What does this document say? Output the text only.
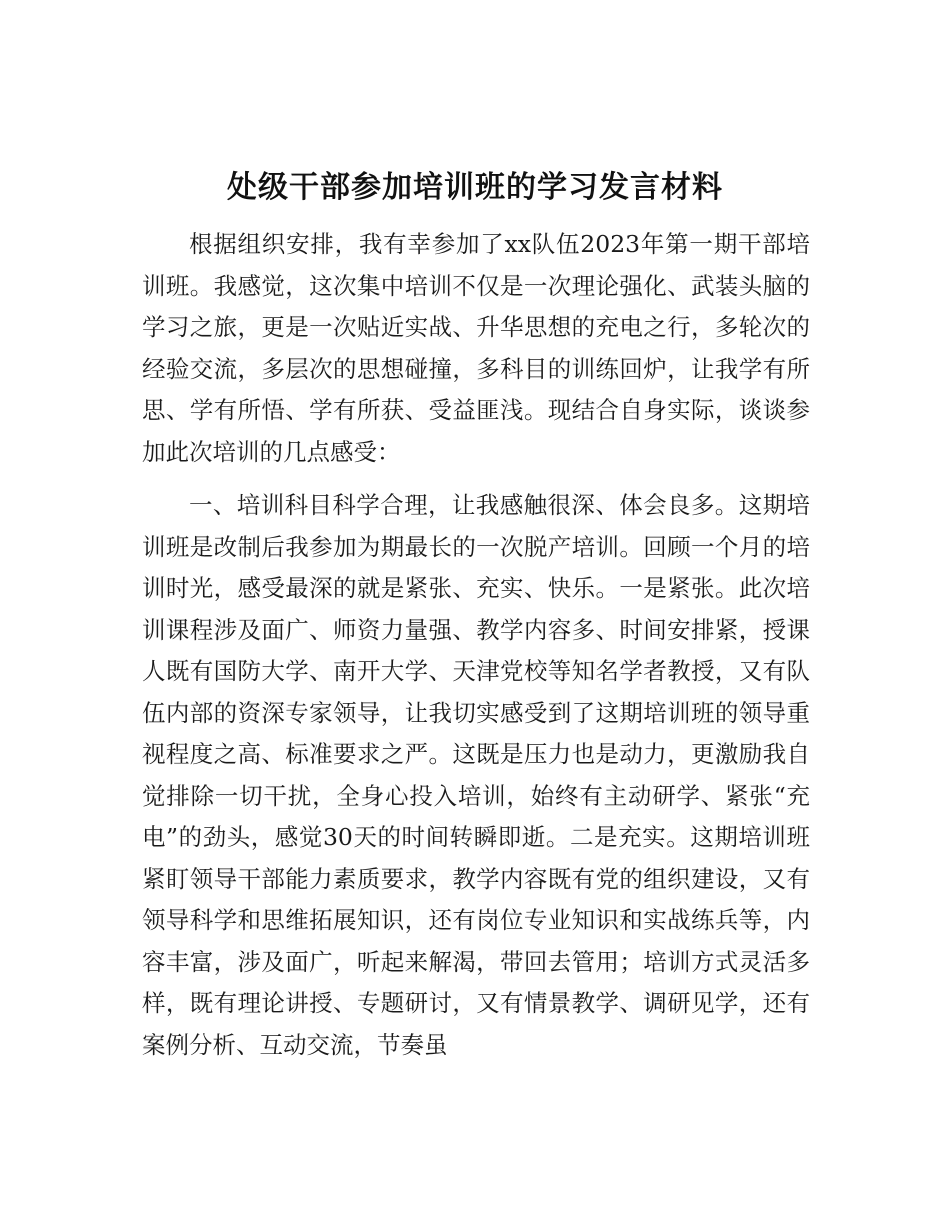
处级干部参加培训班的学习发言材料

根据组织安排，我有幸参加了xx队伍2023年第一期干部培训班。我感觉，这次集中培训不仅是一次理论强化、武装头脑的学习之旅，更是一次贴近实战、升华思想的充电之行，多轮次的经验交流，多层次的思想碰撞，多科目的训练回炉，让我学有所思、学有所悟、学有所获、受益匪浅。现结合自身实际，谈谈参加此次培训的几点感受：

一、培训科目科学合理，让我感触很深、体会良多。这期培训班是改制后我参加为期最长的一次脱产培训。回顾一个月的培训时光，感受最深的就是紧张、充实、快乐。一是紧张。此次培训课程涉及面广、师资力量强、教学内容多、时间安排紧，授课人既有国防大学、南开大学、天津党校等知名学者教授，又有队伍内部的资深专家领导，让我切实感受到了这期培训班的领导重视程度之高、标准要求之严。这既是压力也是动力，更激励我自觉排除一切干扰，全身心投入培训，始终有主动研学、紧张“充电”的劲头，感觉30天的时间转瞬即逝。二是充实。这期培训班紧盯领导干部能力素质要求，教学内容既有党的组织建设，又有领导科学和思维拓展知识，还有岗位专业知识和实战练兵等，内容丰富，涉及面广，听起来解渴，带回去管用；培训方式灵活多样，既有理论讲授、专题研讨，又有情景教学、调研见学，还有案例分析、互动交流，节奏虽
